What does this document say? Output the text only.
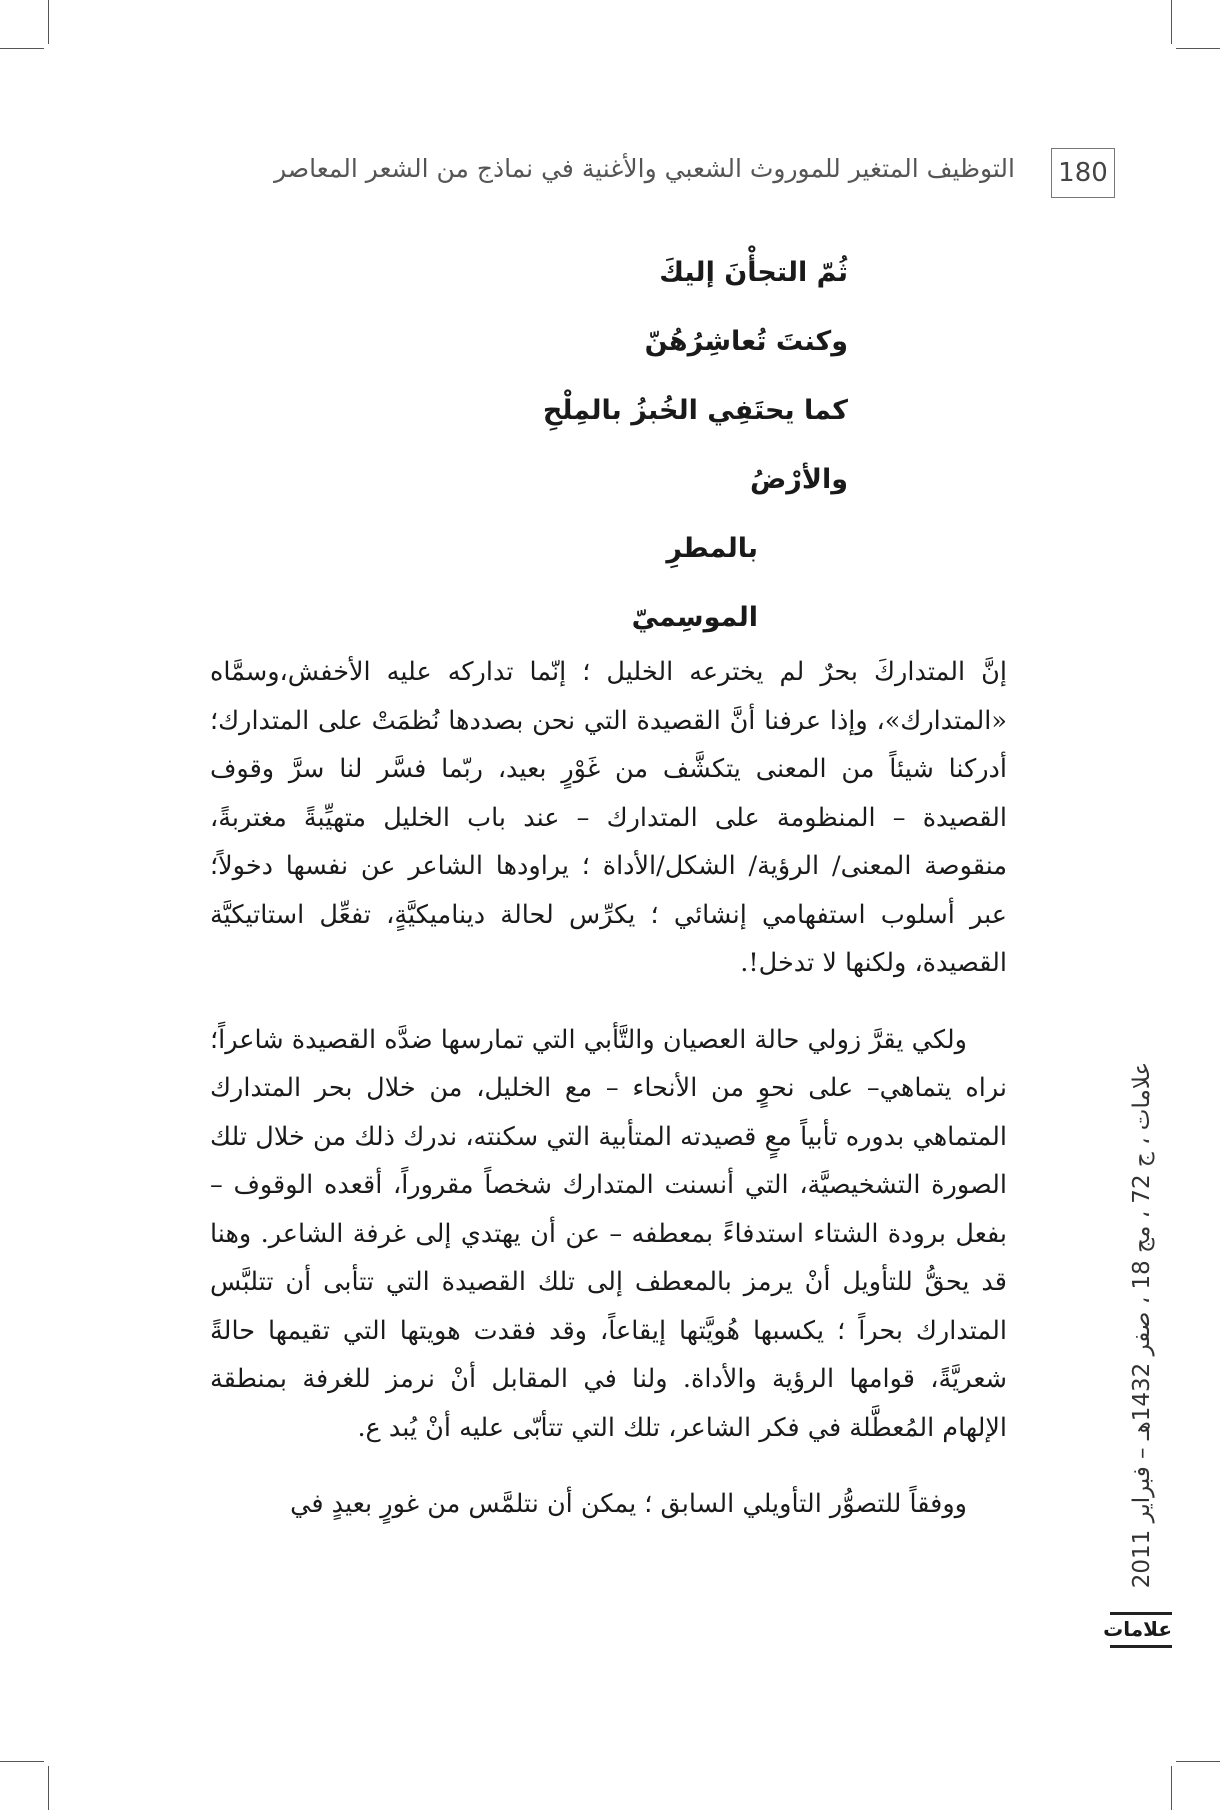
180
التوظيف المتغير للموروث الشعبي والأغنية في نماذج من الشعر المعاصر
ثُمّ التجأْنَ إليكَ
وكنتَ تُعاشِرُهُنّ
كما يحتَفِي الخُبزُ بالمِلْحِ
والأرْضُ
بالمطرِ
الموسِميّ

إنَّ المتداركَ بحرٌ لم يخترعه الخليل ؛ إنّما تداركه عليه الأخفش،وسمَّاه «المتدارك»، وإذا عرفنا أنَّ القصيدة التي نحن بصددها نُظمَتْ على المتدارك؛ أدركنا شيئاً من المعنى يتكشَّف من غَوْرٍ بعيد، ربّما فسَّر لنا سرَّ وقوف القصيدة – المنظومة على المتدارك – عند باب الخليل متهيِّبةً مغتربةً، منقوصة المعنى/ الرؤية/ الشكل/الأداة ؛ يراودها الشاعر عن نفسها دخولاً؛ عبر أسلوب استفهامي إنشائي ؛ يكرِّس لحالة ديناميكيَّةٍ، تفعِّل استاتيكيَّة القصيدة، ولكنها لا تدخل!.

ولكي يقرَّ زولي حالة العصيان والتَّأبي التي تمارسها ضدَّه القصيدة شاعراً؛ نراه يتماهي– على نحوٍ من الأنحاء – مع الخليل، من خلال بحر المتدارك المتماهي بدوره تأبياً معٍ قصيدته المتأبية التي سكنته، ندرك ذلك من خلال تلك الصورة التشخيصيَّة، التي أنسنت المتدارك شخصاً مقروراً، أقعده الوقوف – بفعل برودة الشتاء استدفاءً بمعطفه – عن أن يهتدي إلى غرفة الشاعر. وهنا قد يحقُّ للتأويل أنْ يرمز بالمعطف إلى تلك القصيدة التي تتأبى أن تتلبَّس المتدارك بحراً ؛ يكسبها هُويَّتها إيقاعاً، وقد فقدت هويتها التي تقيمها حالةً شعريَّةً، قوامها الرؤية والأداة. ولنا في المقابل أنْ نرمز للغرفة بمنطقة الإلهام المُعطَّلة في فكر الشاعر، تلك التي تتأبّى عليه أنْ يُبد ع.

ووفقاً للتصوُّر التأويلي السابق ؛ يمكن أن نتلمَّس من غورٍ بعيدٍ في

علامات ، ج 72 ، مج 18 ، صفر 1432هـ – فبراير 2011
علامات
